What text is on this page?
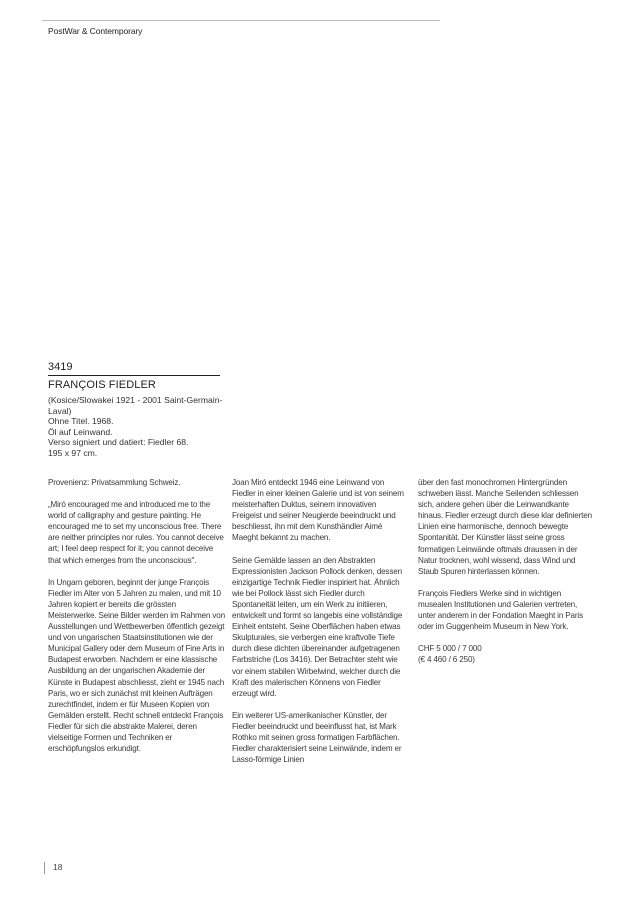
PostWar & Contemporary
3419
FRANÇOIS FIEDLER
(Kosice/Slowakei 1921 - 2001 Saint-Germain-Laval)
Ohne Titel. 1968.
Öl auf Leinwand.
Verso signiert und datiert: Fiedler 68.
195 x 97 cm.

Provenienz: Privatsammlung Schweiz.

„Miró encouraged me and introduced me to the world of calligraphy and gesture painting. He encouraged me to set my unconscious free. There are neither principles nor rules. You cannot deceive art; I feel deep respect for it; you cannot deceive that which emerges from the unconscious".

In Ungarn geboren, beginnt der junge François Fiedler im Alter von 5 Jahren zu malen, und mit 10 Jahren kopiert er bereits die grössten Meisterwerke. Seine Bilder werden im Rahmen von Ausstellungen und Wettbewerben öffentlich gezeigt und von ungarischen Staatsinstitutionen wie der Municipal Gallery oder dem Museum of Fine Arts in Budapest erworben. Nachdem er eine klassische Ausbildung an der ungarischen Akademie der Künste in Budapest abschliesst, zieht er 1945 nach Paris, wo er sich zunächst mit kleinen Aufträgen zurechtfindet, indem er für Museen Kopien von Gemälden erstellt. Recht schnell entdeckt François Fiedler für sich die abstrakte Malerei, deren vielseitige Formen und Techniken er erschöpfungslos erkundigt.

Joan Miró entdeckt 1946 eine Leinwand von Fiedler in einer kleinen Galerie und ist von seinem meisterhaften Duktus, seinem innovativen Freigeist und seiner Neugierde beeindruckt und beschliesst, ihn mit dem Kunsthändler Aimé Maeght bekannt zu machen.

Seine Gemälde lassen an den Abstrakten Expressionisten Jackson Pollock denken, dessen einzigartige Technik Fiedler inspiriert hat. Ähnlich wie bei Pollock lässt sich Fiedler durch Spontaneität leiten, um ein Werk zu initiieren, entwickelt und formt so langebis eine vollständige Einheit entsteht. Seine Oberflächen haben etwas Skulpturales, sie verbergen eine kraftvolle Tiefe durch diese dichten übereinander aufgetragenen Farbstriche (Los 3416). Der Betrachter steht wie vor einem stabilen Wirbelwind, welcher durch die Kraft des malerischen Könnens von Fiedler erzeugt wird.

Ein weiterer US-amerikanischer Künstler, der Fiedler beeindruckt und beeinflusst hat, ist Mark Rothko mit seinen gross formatigen Farbflächen. Fiedler charakterisiert seine Leinwände, indem er Lasso-förmige Linien

über den fast monochromen Hintergründen schweben lässt. Manche Seilenden schliessen sich, andere gehen über die Leinwandkante hinaus. Fiedler erzeugt durch diese klar definierten Linien eine harmonische, dennoch bewegte Spontanität. Der Künstler lässt seine gross formatigen Leinwände oftmals draussen in der Natur trocknen, wohl wissend, dass Wind und Staub Spuren hinterlassen können.

François Fiedlers Werke sind in wichtigen musealen Institutionen und Galerien vertreten, unter anderem in der Fondation Maeght in Paris oder im Guggenheim Museum in New York.

CHF 5 000 / 7 000
(€ 4 460 / 6 250)

18
